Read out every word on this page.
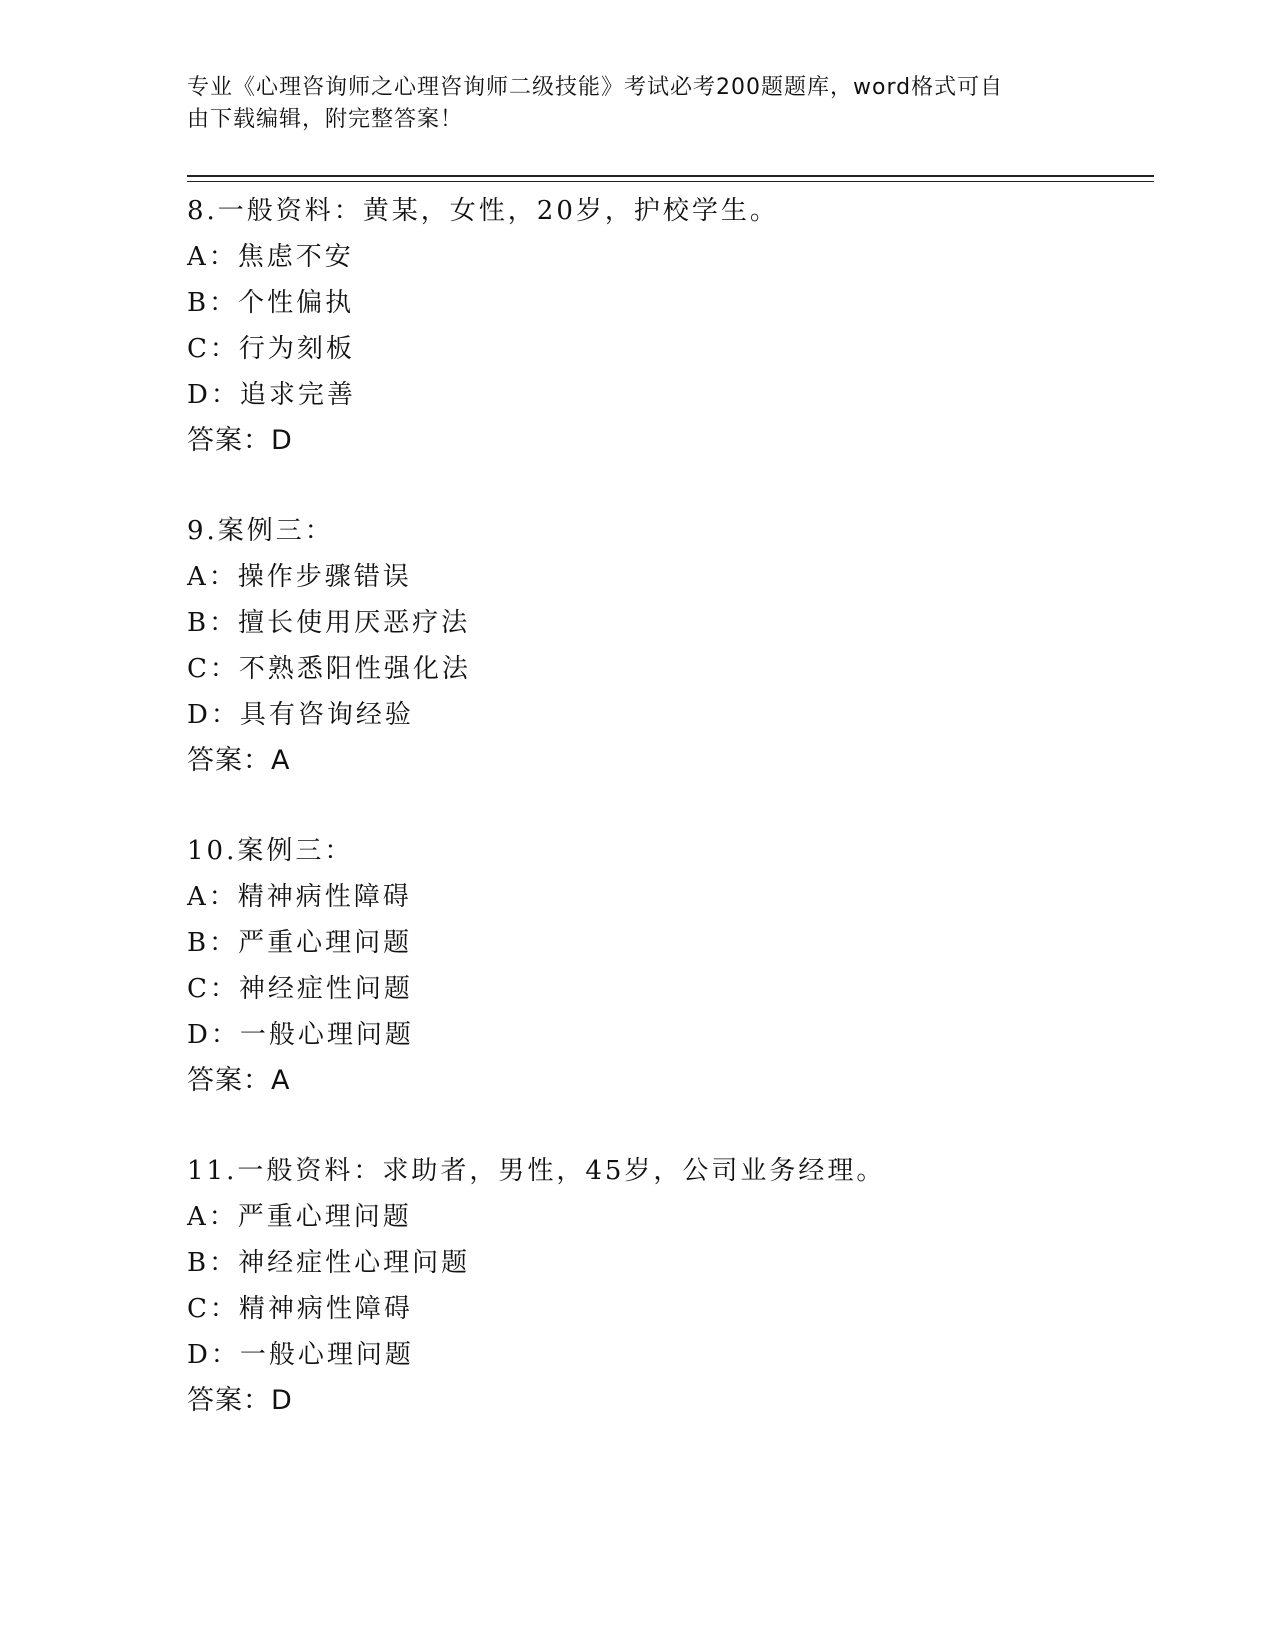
专业《心理咨询师之心理咨询师二级技能》考试必考200题题库，word格式可自

由下载编辑，附完整答案！

8.一般资料：黄某，女性，20岁，护校学生。
A：焦虑不安
B：个性偏执
C：行为刻板
D：追求完善
答案：D
9.案例三：
A：操作步骤错误
B：擅长使用厌恶疗法
C：不熟悉阳性强化法
D：具有咨询经验
答案：A
10.案例三：
A：精神病性障碍
B：严重心理问题
C：神经症性问题
D：一般心理问题
答案：A
11.一般资料：求助者，男性，45岁，公司业务经理。
A：严重心理问题
B：神经症性心理问题
C：精神病性障碍
D：一般心理问题
答案：D
